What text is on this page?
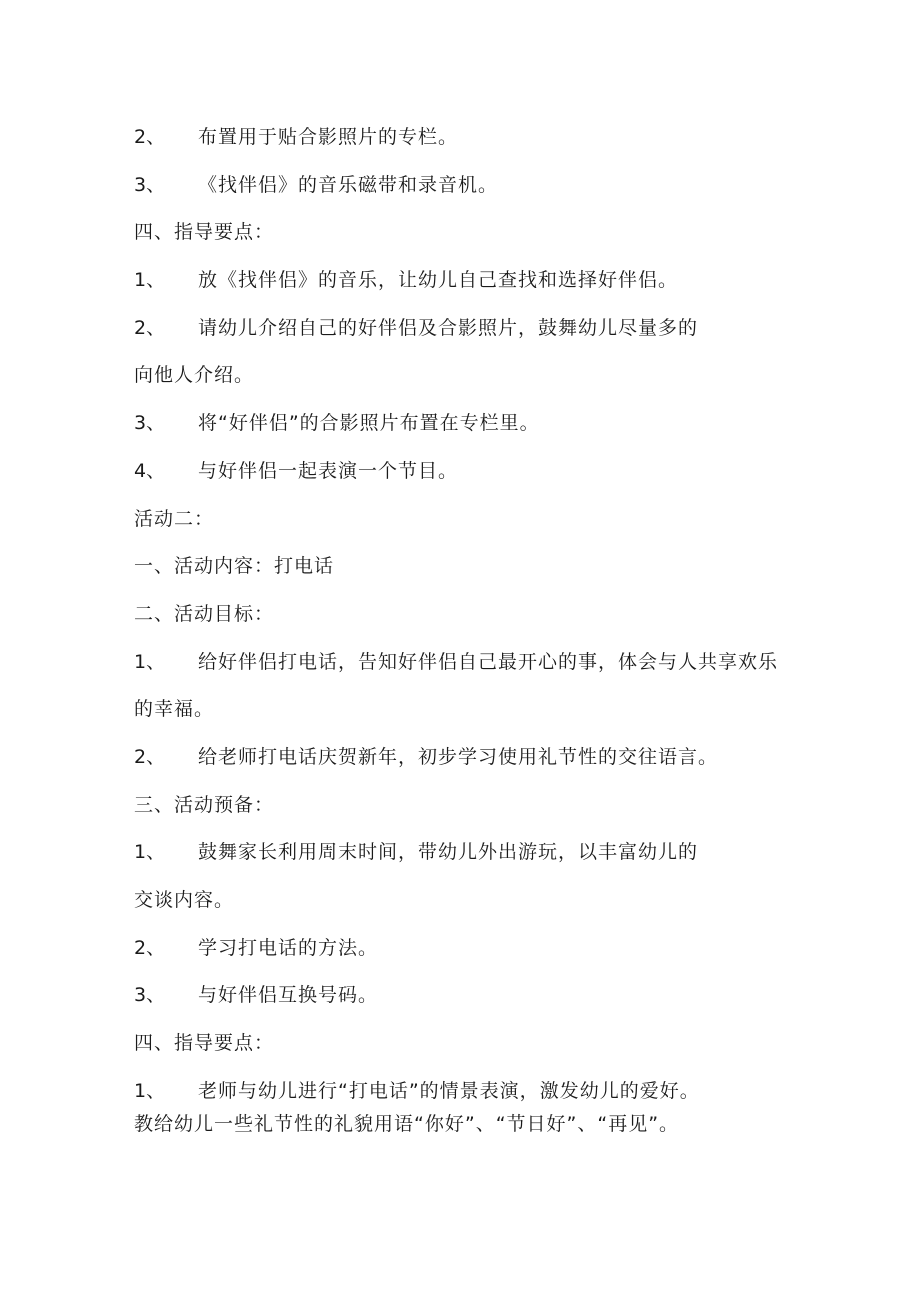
2、 布置用于贴合影照片的专栏。
3、 《找伴侣》的音乐磁带和录音机。
四、指导要点：
1、 放《找伴侣》的音乐，让幼儿自己查找和选择好伴侣。
2、 请幼儿介绍自己的好伴侣及合影照片，鼓舞幼儿尽量多的
向他人介绍。
3、 将“好伴侣”的合影照片布置在专栏里。
4、 与好伴侣一起表演一个节目。
活动二：
一、活动内容：打电话
二、活动目标：
1、 给好伴侣打电话，告知好伴侣自己最开心的事，体会与人共享欢乐
的幸福。
2、 给老师打电话庆贺新年，初步学习使用礼节性的交往语言。
三、活动预备：
1、 鼓舞家长利用周末时间，带幼儿外出游玩，以丰富幼儿的
交谈内容。
2、 学习打电话的方法。
3、 与好伴侣互换号码。
四、指导要点：
1、 老师与幼儿进行“打电话”的情景表演，激发幼儿的爱好。
教给幼儿一些礼节性的礼貌用语“你好”、“节日好”、“再见”。
